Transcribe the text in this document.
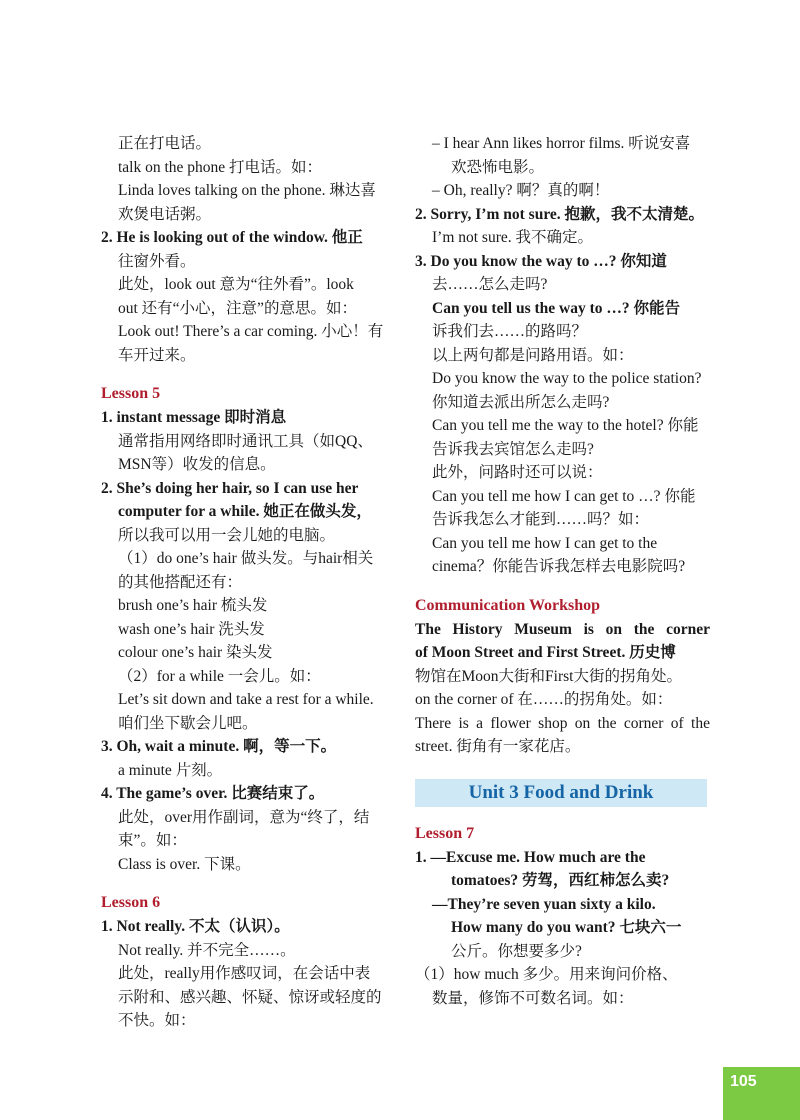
正在打电话。
talk on the phone 打电话。如：
Linda loves talking on the phone. 琳达喜
欢煲电话粥。
2. He is looking out of the window. 他正
往窗外看。
此处，look out 意为“往外看”。look
out 还有“小心，注意”的意思。如：
Look out! There’s a car coming. 小心！有
车开过来。
Lesson 5
1. instant message 即时消息
通常指用网络即时通讯工具（如QQ、
MSN等）收发的信息。
2. She’s doing her hair, so I can use her
computer for a while. 她正在做头发，
所以我可以用一会儿她的电脑。
（1）do one’s hair 做头发。与hair相关
的其他搭配还有：
brush one’s hair 梳头发
wash one’s hair 洗头发
colour one’s hair 染头发
（2）for a while 一会儿。如：
Let’s sit down and take a rest for a while.
咱们坐下歇会儿吧。
3. Oh, wait a minute. 啊，等一下。
a minute 片刻。
4. The game’s over. 比赛结束了。
此处，over用作副词，意为“终了，结
束”。如：
Class is over. 下课。
Lesson 6
1. Not really. 不太（认识）。
Not really. 并不完全……。
此处，really用作感叹词，在会话中表
示附和、感兴趣、怀疑、惊讶或轻度的
不快。如：
– I hear Ann likes horror films. 听说安喜
欢恐怖电影。
– Oh, really? 啊？真的啊！
2. Sorry, I’m not sure. 抱歉，我不太清楚。
I’m not sure. 我不确定。
3. Do you know the way to …? 你知道
去……怎么走吗?
Can you tell us the way to …? 你能告
诉我们去……的路吗？
以上两句都是问路用语。如：
Do you know the way to the police station?
你知道去派出所怎么走吗?
Can you tell me the way to the hotel? 你能
告诉我去宾馆怎么走吗?
此外，问路时还可以说：
Can you tell me how I can get to …? 你能
告诉我怎么才能到……吗？如：
Can you tell me how I can get to the
cinema？你能告诉我怎样去电影院吗?
Communication Workshop
The History Museum is on the corner
of Moon Street and First Street. 历史博
物馆在Moon大街和First大街的拐角处。
on the corner of 在……的拐角处。如：
There is a flower shop on the corner of the
street. 街角有一家花店。
Unit 3 Food and Drink
Lesson 7
1. —Excuse me. How much are the
tomatoes? 劳驾，西红柿怎么卖?
—They’re seven yuan sixty a kilo.
How many do you want? 七块六一
公斤。你想要多少?
（1）how much 多少。用来询问价格、
数量，修饰不可数名词。如：
105
